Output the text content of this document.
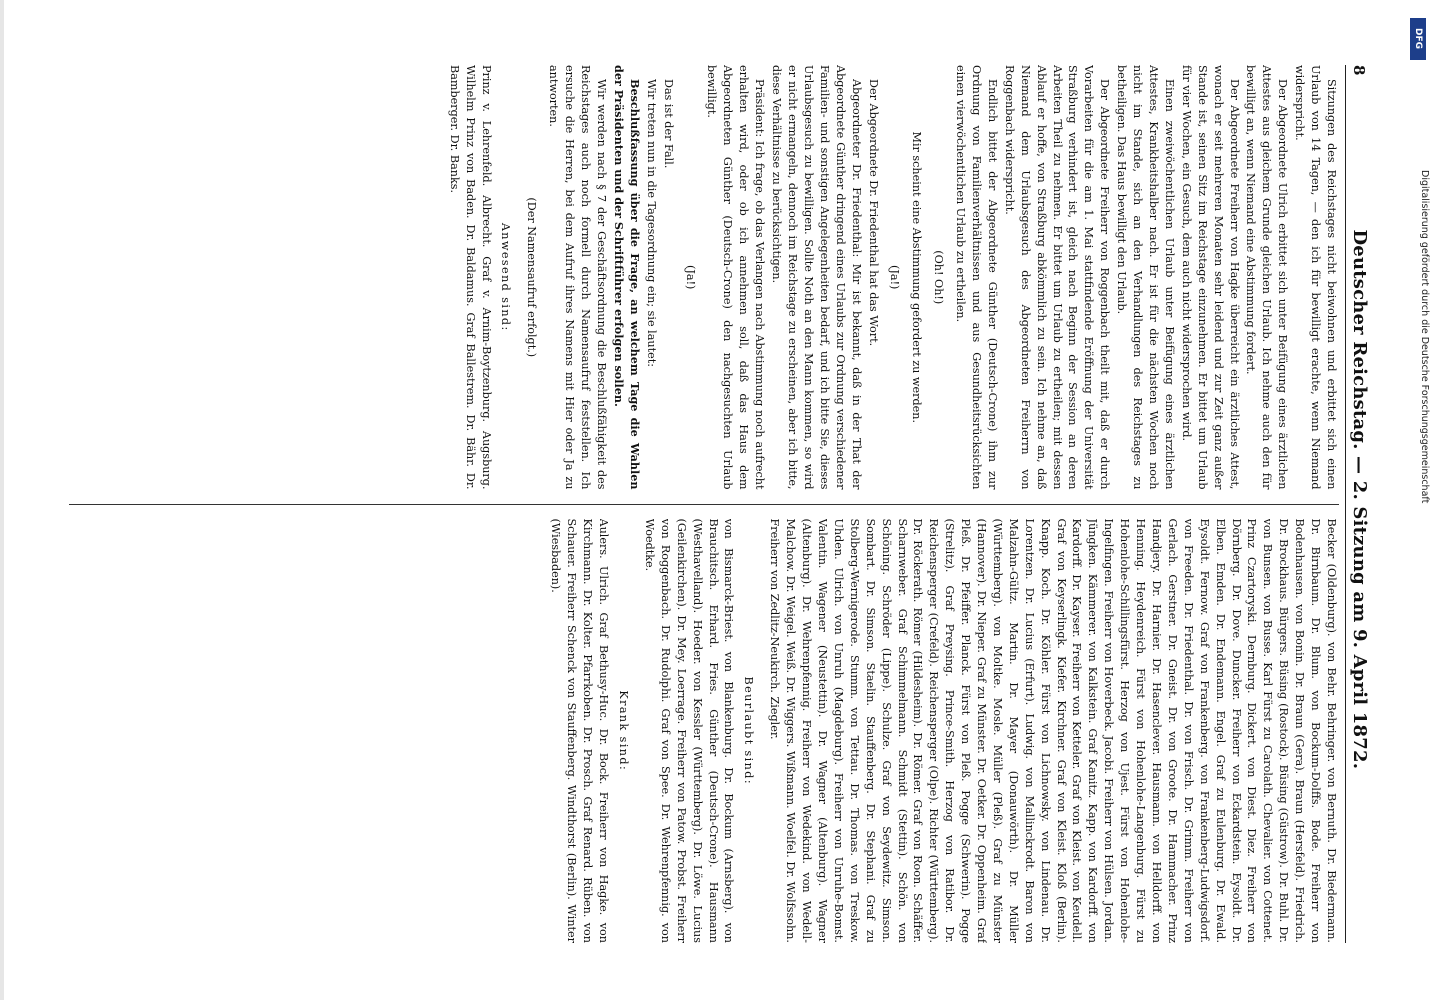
8
Deutscher Reichstag. — 2. Sitzung am 9. April 1872.

Sitzungen des Reichstages nicht beiwohnen und erbittet sich einen Urlaub von 14 Tagen, — den ich für bewilligt erachte, wenn Niemand widerspricht.

Der Abgeordnete Ulrich erbittet sich unter Beifügung eines ärztlichen Attestes aus gleichem Grunde gleichen Urlaub. Ich nehme auch den für bewilligt an, wenn Niemand eine Abstimmung fordert.

Der Abgeordnete Freiherr von Hagke überreicht ein ärztliches Attest, wonach er seit mehreren Monaten sehr leidend und zur Zeit ganz außer Stande ist, seinen Sitz im Reichstage einzunehmen. Er bittet um Urlaub für vier Wochen, ein Gesuch, dem auch nicht widersprochen wird.

Einen zweiwöchentlichen Urlaub unter Beifügung eines ärztlichen Attestes, Krankheitshalber nach. Er ist für die nächsten Wochen noch nicht im Stande, sich an den Verhandlungen des Reichstages zu betheiligen. Das Haus bewilligt den Urlaub.

Der Abgeordnete Freiherr von Roggenbach theilt mit, daß er durch Vorarbeiten für die am 1. Mai stattfindende Eröffnung der Universität Straßburg verhindert ist, gleich nach Beginn der Session an deren Arbeiten Theil zu nehmen. Er bittet um Urlaub zu ertheilen; mit dessen Ablauf er hoffe, von Straßburg abkömmlich zu sein. Ich nehme an, daß Niemand dem Urlaubsgesuch des Abgeordneten Freiherrn von Roggenbach widerspricht.

Endlich bittet der Abgeordnete Günther (Deutsch-Crone) ihm zur Ordnung von Familienverhältnissen und aus Gesundheitsrücksichten einen vierwöchentlichen Urlaub zu ertheilen.

(Oh! Oh!)

Mir scheint eine Abstimmung gefordert zu werden.

(Ja!)

Der Abgeordnete Dr. Friedenthal hat das Wort.

Abgeordneter Dr. Friedenthal: Mir ist bekannt, daß in der That der Abgeordnete Günther dringend eines Urlaubs zur Ordnung verschiedener Familien- und sonstigen Angelegenheiten bedarf, und ich bitte Sie, dieses Urlaubsgesuch zu bewilligen. Sollte Noth an den Mann kommen, so wird er nicht ermangeln, dennoch im Reichstage zu erscheinen, aber ich bitte, diese Verhältnisse zu berücksichtigen.

Präsident: Ich frage, ob das Verlangen nach Abstimmung noch aufrecht erhalten wird, oder ob ich annehmen soll, daß das Haus dem Abgeordneten Günther (Deutsch-Crone) den nachgesuchten Urlaub bewilligt.

(Ja!)

Das ist der Fall.

Wir treten nun in die Tagesordnung ein; sie lautet:

Beschlußfassung über die Frage, an welchem Tage die Wahlen der Präsidenten und der Schriftführer erfolgen sollen.

Wir werden nach § 7 der Geschäftsordnung die Beschlußfähigkeit des Reichstages auch noch formell durch Namensaufruf feststellen. Ich ersuche die Herren, bei dem Aufruf ihres Namens mit Hier oder Ja zu antworten.

(Der Namensaufruf erfolgt.)

Anwesend sind:

Prinz v. Lehrenfeld. Albrecht. Graf v. Arnim-Boytzenburg. Augsburg. Wilhelm Prinz von Baden. Dr. Baldamus. Graf Ballestrem. Dr. Bähr. Dr. Bamberger. Dr. Banks.

Becker (Oldenburg). von Behr. Behringer. von Bernuth. Dr. Biedermann. Dr. Birnbaum. Dr. Blum. von Bockum-Dolffs. Bode. Freiherr von Bodenhausen. von Bonin. Dr. Braun (Gera). Braun (Hersfeld). Friedrich. Dr. Brockhaus. Bürgers. Büsing (Rostock). Büsing (Güstrow). Dr. Buhl. Dr. von Bunsen. von Busse. Karl Fürst zu Carolath. Chevalier. von Cottenet. Prinz Czartoryski. Dernburg. Dickert. von Diest. Diez. Freiherr von Dörnberg. Dr. Dove. Duncker. Freiherr von Eckardstein. Eysoldt. Dr. Elben. Emden. Dr. Endemann. Engel. Graf zu Eulenburg. Dr. Ewald. Eysoldt. Fernow. Graf von Frankenberg. von Frankenberg-Ludwigsdorf. von Freeden. Dr. Friedenthal. Dr. von Frisch. Dr. Grimm. Freiherr von Gerlach. Gerstner. Dr. Gneist. Dr. von Groote. Dr. Hammacher. Prinz Handjery. Dr. Harnier. Dr. Hasenclever. Hausmann. von Helldorff. von Henning. Heydenreich. Fürst von Hohenlohe-Langenburg. Fürst zu Hohenlohe-Schillingsfürst. Herzog von Ujest. Fürst von Hohenlohe-Ingelfingen. Freiherr von Hoverbeck. Jacobi. Freiherr von Hülsen. Jordan. Jüngken. Kämmerer. von Kalkstein. Graf Kanitz. Kapp. von Kardorff. von Kardorff. Dr. Kayser. Freiherr von Ketteler. Graf von Kleist. von Keudell. Graf von Keyserlingk. Kiefer. Kirchner. Graf von Kleist. Kloß (Berlin). Knapp. Koch. Dr. Köhler. Fürst von Lichnowsky. von Lindenau. Dr. Lorentzen. Dr. Lucius (Erfurt). Ludwig. von Mallinckrodt. Baron von Malzahn-Gültz. Martin. Dr. Mayer (Donauwörth). Dr. Müller (Württemberg). von Moltke. Mosle. Müller (Pleß). Graf zu Münster (Hannover). Dr. Nieper. Graf zu Münster. Dr. Oetker. Dr. Oppenheim. Graf Pleß. Dr. Pfeiffer. Planck. Fürst von Pleß. Pogge (Schwerin). Pogge (Strelitz). Graf Preysing. Prince-Smith. Herzog von Ratibor. Dr. Reichensperger (Crefeld). Reichensperger (Olpe). Richter (Württemberg). Dr. Röckerath. Römer (Hildesheim). Dr. Römer. Graf von Roon. Schäffer. Scharnweber. Graf Schimmelmann. Schmidt (Stettin). Schön. von Schöning. Schröder (Lippe). Schulze. Graf von Seydewitz. Simson. Sombart. Dr. Simson. Staelin. Stauffenberg. Dr. Stephani. Graf zu Stolberg-Wernigerode. Stumm. von Tettau. Dr. Thomas. von Treskow. Uhden. Ulrich. von Unruh (Magdeburg). Freiherr von Unruhe-Bomst. Valentin. Wagener (Neustettin). Dr. Wagner (Altenburg). Wagner (Altenburg). Dr. Wehrenpfennig. Freiherr von Wedekind. von Wedell-Malchow. Dr. Weigel. Weiß. Dr. Wiggers. Wißmann. Woelfel. Dr. Wolfssohn. Freiherr von Zedlitz-Neukirch. Ziegler.

Beurlaubt sind:

von Bismarck-Briest. von Blankenburg. Dr. Bockum (Arnsberg). von Brauchitsch. Erhard. Fries. Günther (Deutsch-Crone). Hausmann (Westhavelland). Hoeder. von Kessler (Württemberg). Dr. Löwe. Lucius (Geilenkirchen). Dr. Mey. Loerrage. Freiherr von Patow. Probst. Freiherr von Roggenbach. Dr. Rudolphi. Graf von Spee. Dr. Wehrenpfennig. von Woedtke.

Krank sind:

Aulers. Ulrich. Graf Bethusy-Huc. Dr. Bock. Freiherr von Hagke. von Kirchmann. Dr. Kolter. Pfarrkoben. Dr. Prosch. Graf Renard. Rüben. von Schauer. Freiherr Schenck von Stauffenberg. Windthorst (Berlin). Winter (Wiesbaden).

DFG
Digitalisierung gefördert durch die Deutsche Forschungsgemeinschaft
